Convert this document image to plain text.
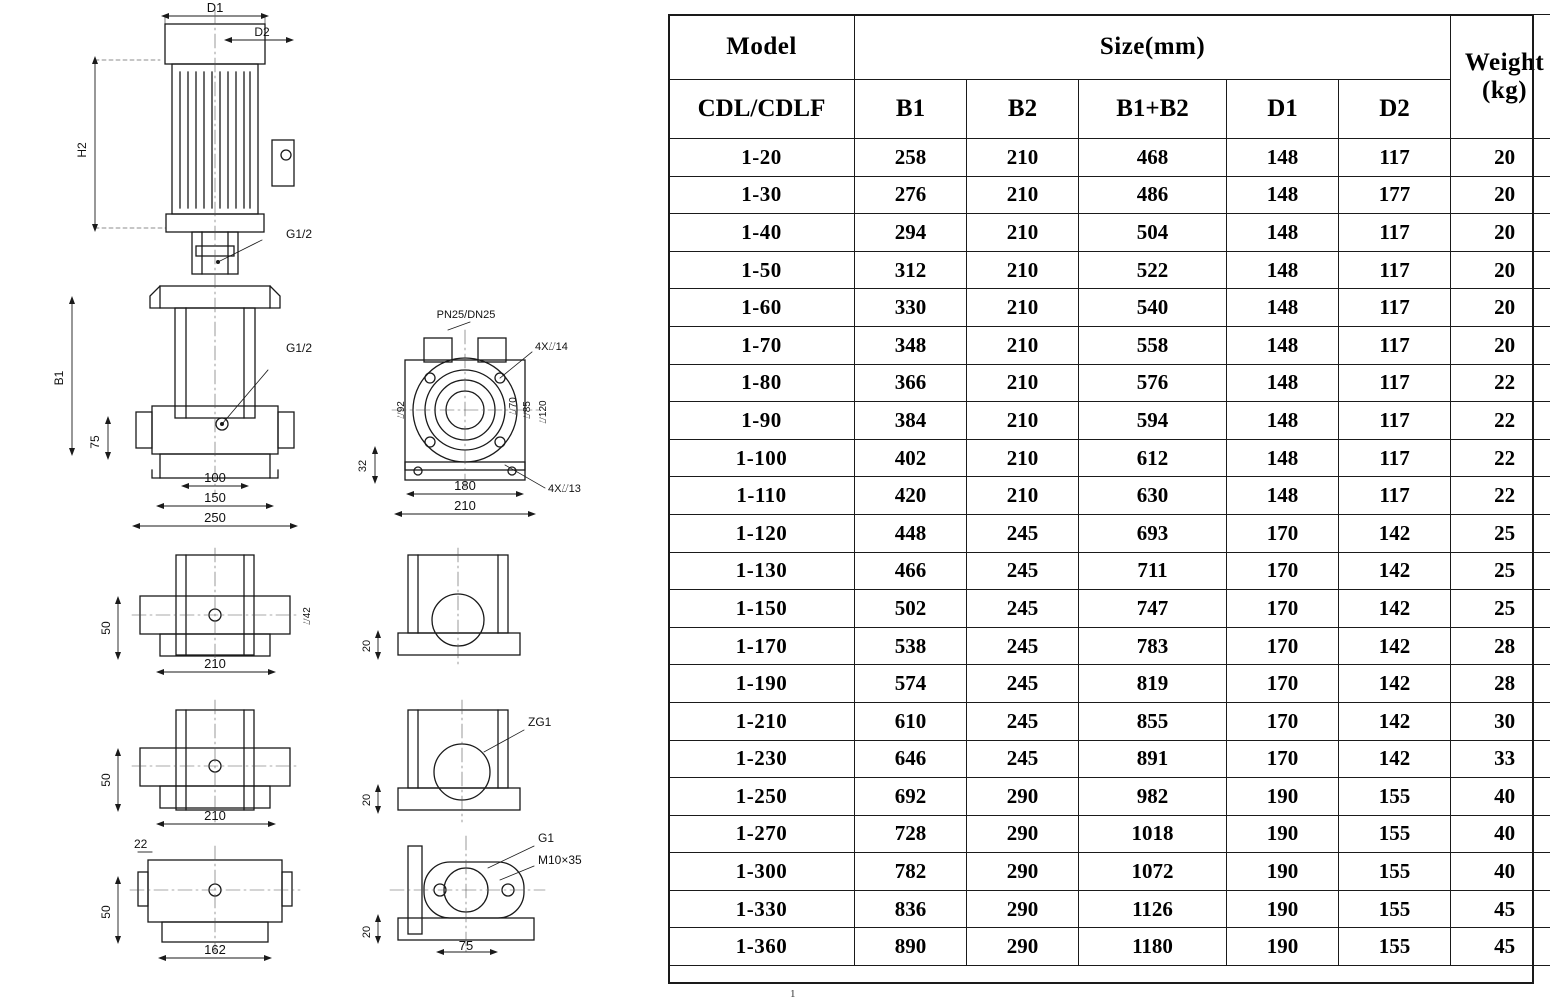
D1
D2
H2
B1
75
100
150
250
G1/2
G1/2
PN25/DN25
4X⌰14
4X⌰13
⌰92	⌰70 ⌰85 ⌰120
32
180
210
50
210
⌰42
20
50
210
ZG1
20
22
50
162
20
75
G1
M10×35
Model	Size(mm)					Weight
(kg)

CDL/CDLF	B1	B2	B1+B2	D1	D2	
1-20	258	210	468	148	117	20
1-30	276	210	486	148	177	20
1-40	294	210	504	148	117	20
1-50	312	210	522	148	117	20
1-60	330	210	540	148	117	20
1-70	348	210	558	148	117	20
1-80	366	210	576	148	117	22
1-90	384	210	594	148	117	22
1-100	402	210	612	148	117	22
1-110	420	210	630	148	117	22
1-120	448	245	693	170	142	25
1-130	466	245	711	170	142	25
1-150	502	245	747	170	142	25
1-170	538	245	783	170	142	28
1-190	574	245	819	170	142	28
1-210	610	245	855	170	142	30
1-230	646	245	891	170	142	33
1-250	692	290	982	190	155	40
1-270	728	290	1018	190	155	40
1-300	782	290	1072	190	155	40
1-330	836	290	1126	190	155	45
1-360	890	290	1180	190	155	45
1
